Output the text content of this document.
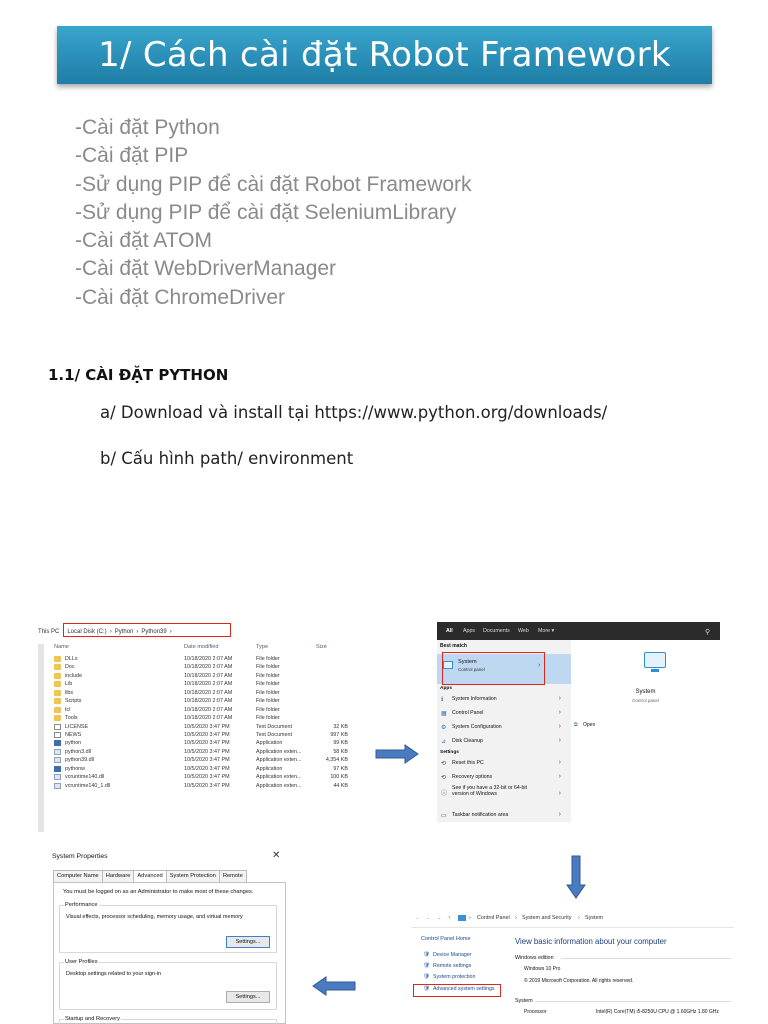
1/ Cách cài đặt Robot Framework
-Cài đặt Python
-Cài đặt PIP
-Sử dụng PIP để cài đặt Robot Framework
-Sử dụng PIP để cài đặt SeleniumLibrary
-Cài đặt ATOM
-Cài đặt WebDriverManager
-Cài đặt ChromeDriver
1.1/ CÀI ĐẶT PYTHON
a/ Download và install tại https://www.python.org/downloads/
b/ Cấu hình path/ environment
This PC › Local Disk (C:) › Python › Python39 ›
Name	Date modified	Type	Size
DLLs	10/18/2020 2:07 AM	File folder
Doc	10/18/2020 2:07 AM	File folder
include	10/18/2020 2:07 AM	File folder
Lib	10/18/2020 2:07 AM	File folder
libs	10/18/2020 2:07 AM	File folder
Scripts	10/18/2020 2:07 AM	File folder
tcl	10/18/2020 2:07 AM	File folder
Tools	10/18/2020 2:07 AM	File folder
LICENSE	10/5/2020 3:47 PM	Text Document	32 KB
NEWS	10/5/2020 3:47 PM	Text Document	997 KB
python	10/5/2020 3:47 PM	Application	99 KB
python3.dll	10/5/2020 3:47 PM	Application exten...	58 KB
python39.dll	10/5/2020 3:47 PM	Application exten...	4,354 KB
pythonw	10/5/2020 3:47 PM	Application	97 KB
vcruntime140.dll	10/5/2020 3:47 PM	Application exten...	100 KB
vcruntime140_1.dll	10/5/2020 3:47 PM	Application exten...	44 KB
All Apps Documents Web More ▾	⚲
Best match
System
Control panel
›
Apps
ℹ System Information	›
▦ Control Panel	›
⚙ System Configuration	›
⊿ Disk Cleanup	›
Settings
⟲ Reset this PC	›
⟲ Recovery options	›
ⓘ
See if you have a 32-bit or 64-bit version of Windows	›
▭ Taskbar notification area	›
System
Control panel
⧉ Open
System Properties	✕
Computer Name	Hardware	Advanced	System Protection	Remote
You must be logged on as an Administrator to make most of these changes.
Performance
Visual effects, processor scheduling, memory usage, and virtual memory
Settings...
User Profiles
Desktop settings related to your sign-in
Settings...
Startup and Recovery
← → ⌄ ↑	› Control Panel › System and Security › System
Control Panel Home
🛡 Device Manager
🛡 Remote settings
🛡 System protection
🛡 Advanced system settings
View basic information about your computer
Windows edition
Windows 10 Pro
© 2019 Microsoft Corporation. All rights reserved.
System
Processor	Intel(R) Core(TM) i5-8250U CPU @ 1.60GHz 1.80 GHz
